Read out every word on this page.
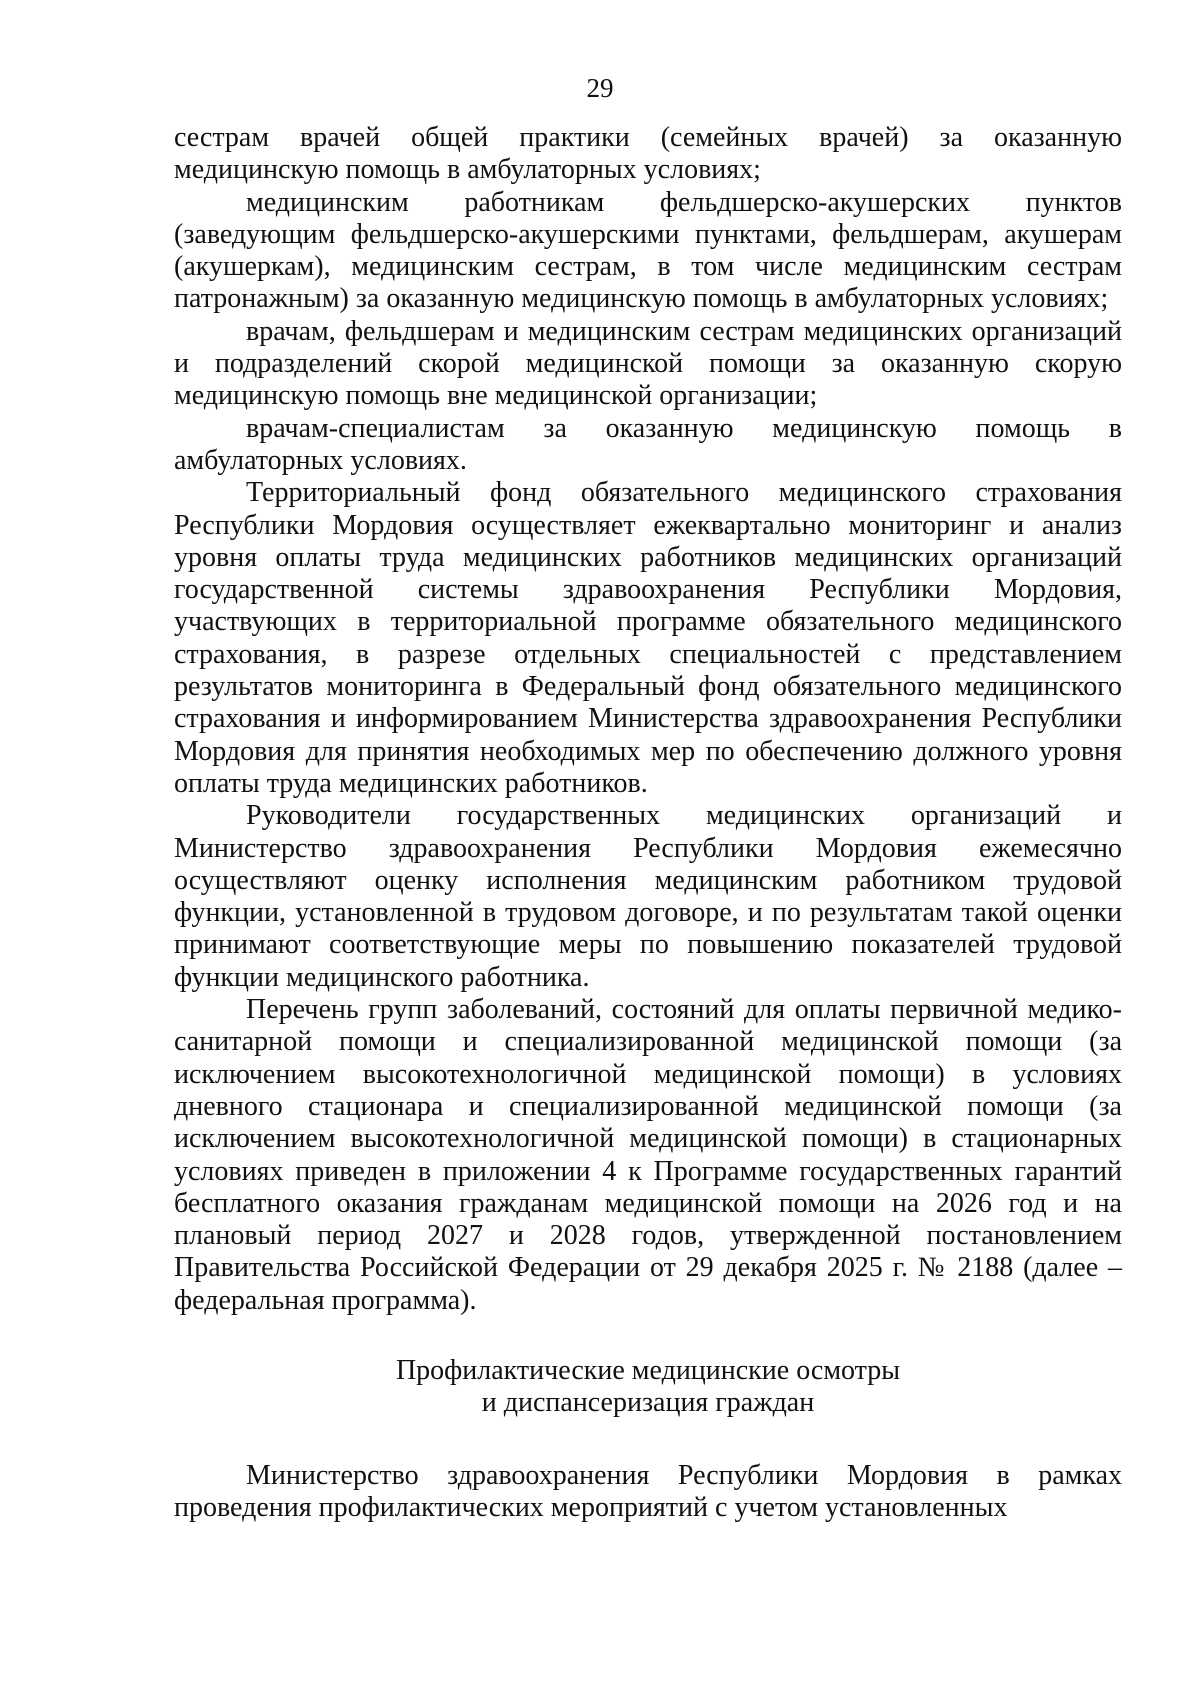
29

сестрам врачей общей практики (семейных врачей) за оказанную медицинскую помощь в амбулаторных условиях;

медицинским работникам фельдшерско-акушерских пунктов (заведующим фельдшерско-акушерскими пунктами, фельдшерам, акушерам (акушеркам), медицинским сестрам, в том числе медицинским сестрам патронажным) за оказанную медицинскую помощь в амбулаторных условиях;

врачам, фельдшерам и медицинским сестрам медицинских организаций и подразделений скорой медицинской помощи за оказанную скорую медицинскую помощь вне медицинской организации;

врачам-специалистам за оказанную медицинскую помощь в амбулаторных условиях.

Территориальный фонд обязательного медицинского страхования Республики Мордовия осуществляет ежеквартально мониторинг и анализ уровня оплаты труда медицинских работников медицинских организаций государственной системы здравоохранения Республики Мордовия, участвующих в территориальной программе обязательного медицинского страхования, в разрезе отдельных специальностей с представлением результатов мониторинга в Федеральный фонд обязательного медицинского страхования и информированием Министерства здравоохранения Республики Мордовия для принятия необходимых мер по обеспечению должного уровня оплаты труда медицинских работников.

Руководители государственных медицинских организаций и Министерство здравоохранения Республики Мордовия ежемесячно осуществляют оценку исполнения медицинским работником трудовой функции, установленной в трудовом договоре, и по результатам такой оценки принимают соответствующие меры по повышению показателей трудовой функции медицинского работника.

Перечень групп заболеваний, состояний для оплаты первичной медико-санитарной помощи и специализированной медицинской помощи (за исключением высокотехнологичной медицинской помощи) в условиях дневного стационара и специализированной медицинской помощи (за исключением высокотехнологичной медицинской помощи) в стационарных условиях приведен в приложении 4 к Программе государственных гарантий бесплатного оказания гражданам медицинской помощи на 2026 год и на плановый период 2027 и 2028 годов, утвержденной постановлением Правительства Российской Федерации от 29 декабря 2025 г. № 2188 (далее – федеральная программа).

Профилактические медицинские осмотры
и диспансеризация граждан

Министерство здравоохранения Республики Мордовия в рамках проведения профилактических мероприятий с учетом установленных
